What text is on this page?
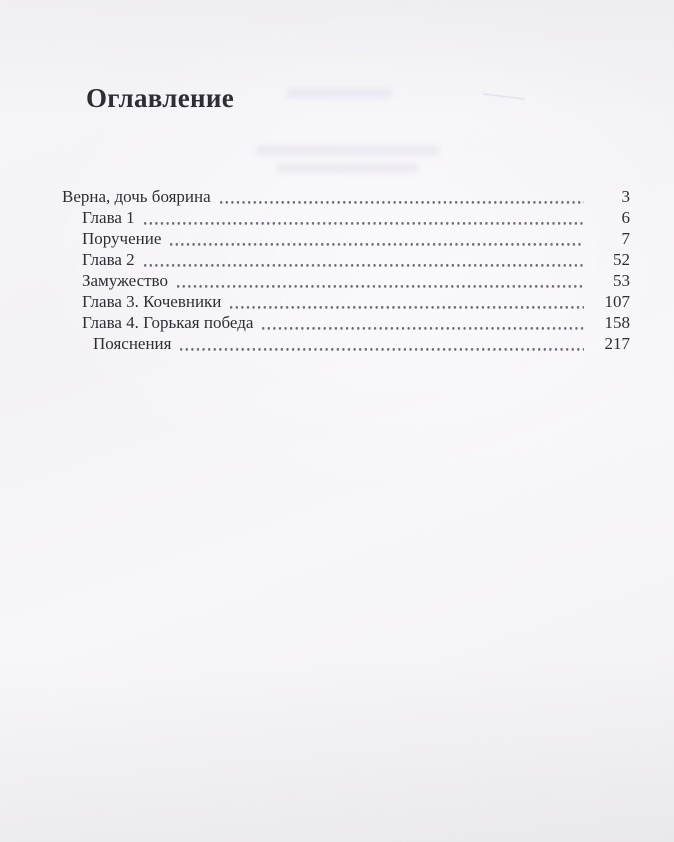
Оглавление
Верна, дочь боярина	3
Глава 1	6
Поручение	7
Глава 2	52
Замужество	53
Глава 3. Кочевники	107
Глава 4. Горькая победа	158
Пояснения	217
